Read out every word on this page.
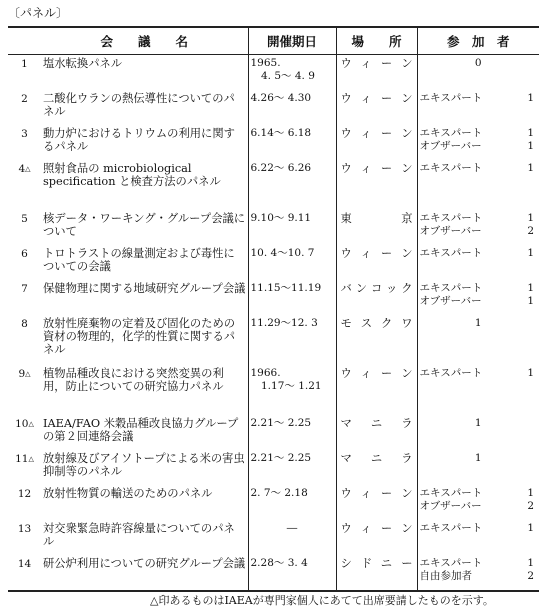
〔パネル〕
	会　　議　　名	開催期日	場　　所	参　加　者
1	塩水転換パネル	1965.
　4. 5～ 4. 9	ウィーン	0

2	二酸化ウランの熱伝導性についてのパネル	4.26～ 4.30	ウィーン	エキスパート 1

3	動力炉におけるトリウムの利用に関するパネル	6.14～ 6.18	ウィーン	エキスパート 1
オブザーバー 1

4△	照射食品の microbiological specification と検査方法のパネル	6.22～ 6.26	ウィーン	エキスパート 1

5	核データ・ワーキング・グループ会議について	9.10～ 9.11	東　京	エキスパート 1
オブザーバー 2

6	トロトラストの線量測定および毒性についての会議	10. 4～10. 7	ウィーン	エキスパート 1

7	保健物理に関する地域研究グループ会議	11.15～11.19	バンコック	エキスパート 1
オブザーバー 1

8	放射性廃棄物の定着及び固化のための資材の物理的，化学的性質に関するパネル	11.29～12. 3	モスクワ	1

9△	植物品種改良における突然変異の利用，防止についての研究協力パネル	1966.
　1.17～ 1.21	ウィーン	エキスパート 1

10△	IAEA/FAO 米穀品種改良協力グループの第２回連絡会議	2.21～ 2.25	マニラ	1

11△	放射線及びアイソトープによる米の害虫抑制等のパネル	2.21～ 2.25	マニラ	1

12	放射性物質の輸送のためのパネル	2. 7～ 2.18	ウィーン	エキスパート 1
オブザーバー 2

13	対交衆緊急時許容線量についてのパネル	―	ウィーン	エキスパート 1

14	研公炉利用についての研究グループ会議	2.28～ 3. 4	シドニー	エキスパート 1
自由参加者 2
△印あるものはIAEAが専門家個人にあてて出席要請したものを示す。
